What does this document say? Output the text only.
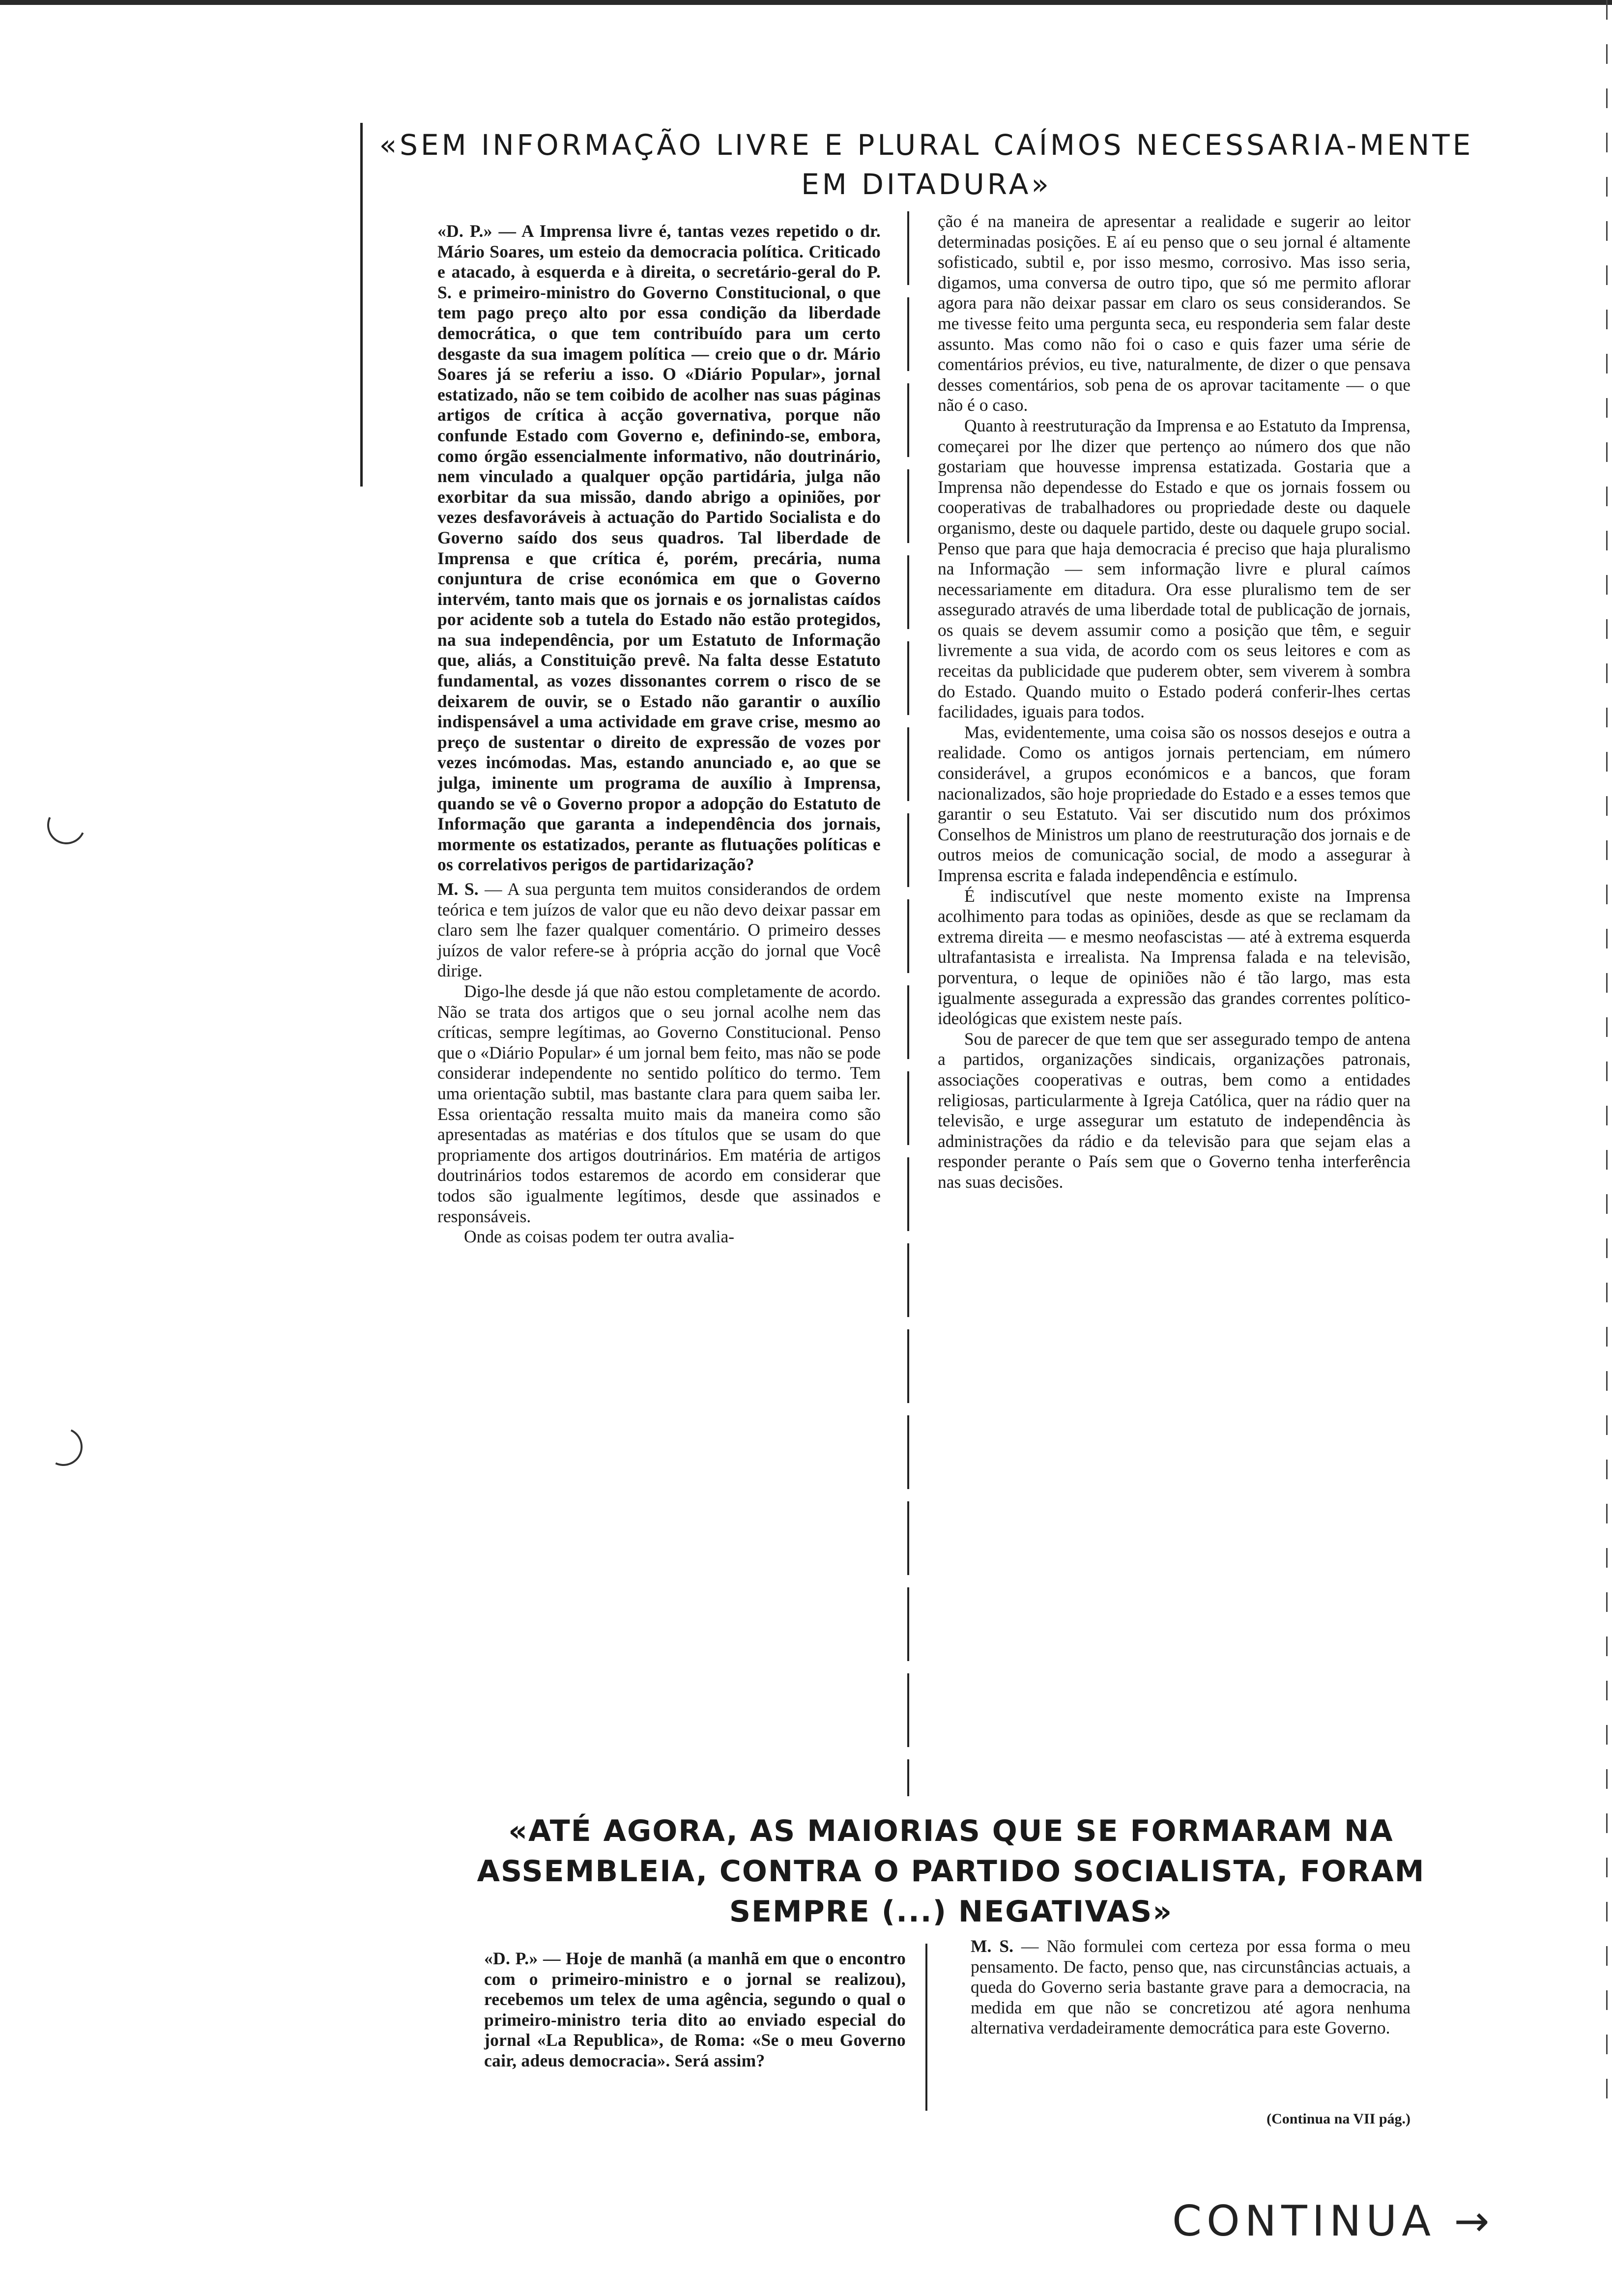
«SEM INFORMAÇÃO LIVRE E PLURAL CAÍMOS NECESSARIA-MENTE EM DITADURA»

«D. P.» — A Imprensa livre é, tantas vezes repetido o dr. Mário Soares, um esteio da democracia política. Criticado e atacado, à esquerda e à direita, o secretário-geral do P. S. e primeiro-ministro do Governo Constitucional, o que tem pago preço alto por essa condição da liberdade democrática, o que tem contribuído para um certo desgaste da sua imagem política — creio que o dr. Mário Soares já se referiu a isso. O «Diário Popular», jornal estatizado, não se tem coibido de acolher nas suas páginas artigos de crítica à acção governativa, porque não confunde Estado com Governo e, definindo-se, embora, como órgão essencialmente informativo, não doutrinário, nem vinculado a qualquer opção partidária, julga não exorbitar da sua missão, dando abrigo a opiniões, por vezes desfavoráveis à actuação do Partido Socialista e do Governo saído dos seus quadros. Tal liberdade de Imprensa e que crítica é, porém, precária, numa conjuntura de crise económica em que o Governo intervém, tanto mais que os jornais e os jornalistas caídos por acidente sob a tutela do Estado não estão protegidos, na sua independência, por um Estatuto de Informação que, aliás, a Constituição prevê. Na falta desse Estatuto fundamental, as vozes dissonantes correm o risco de se deixarem de ouvir, se o Estado não garantir o auxílio indispensável a uma actividade em grave crise, mesmo ao preço de sustentar o direito de expressão de vozes por vezes incómodas. Mas, estando anunciado e, ao que se julga, iminente um programa de auxílio à Imprensa, quando se vê o Governo propor a adopção do Estatuto de Informação que garanta a independência dos jornais, mormente os estatizados, perante as flutuações políticas e os correlativos perigos de partidarização?

M. S. — A sua pergunta tem muitos considerandos de ordem teórica e tem juízos de valor que eu não devo deixar passar em claro sem lhe fazer qualquer comentário. O primeiro desses juízos de valor refere-se à própria acção do jornal que Você dirige.

Digo-lhe desde já que não estou completamente de acordo. Não se trata dos artigos que o seu jornal acolhe nem das críticas, sempre legítimas, ao Governo Constitucional. Penso que o «Diário Popular» é um jornal bem feito, mas não se pode considerar independente no sentido político do termo. Tem uma orientação subtil, mas bastante clara para quem saiba ler. Essa orientação ressalta muito mais da maneira como são apresentadas as matérias e dos títulos que se usam do que propriamente dos artigos doutrinários. Em matéria de artigos doutrinários todos estaremos de acordo em considerar que todos são igualmente legítimos, desde que assinados e responsáveis.

Onde as coisas podem ter outra avalia-

ção é na maneira de apresentar a realidade e sugerir ao leitor determinadas posições. E aí eu penso que o seu jornal é altamente sofisticado, subtil e, por isso mesmo, corrosivo. Mas isso seria, digamos, uma conversa de outro tipo, que só me permito aflorar agora para não deixar passar em claro os seus considerandos. Se me tivesse feito uma pergunta seca, eu responderia sem falar deste assunto. Mas como não foi o caso e quis fazer uma série de comentários prévios, eu tive, naturalmente, de dizer o que pensava desses comentários, sob pena de os aprovar tacitamente — o que não é o caso.

Quanto à reestruturação da Imprensa e ao Estatuto da Imprensa, começarei por lhe dizer que pertenço ao número dos que não gostariam que houvesse imprensa estatizada. Gostaria que a Imprensa não dependesse do Estado e que os jornais fossem ou cooperativas de trabalhadores ou propriedade deste ou daquele organismo, deste ou daquele partido, deste ou daquele grupo social. Penso que para que haja democracia é preciso que haja pluralismo na Informação — sem informação livre e plural caímos necessariamente em ditadura. Ora esse pluralismo tem de ser assegurado através de uma liberdade total de publicação de jornais, os quais se devem assumir como a posição que têm, e seguir livremente a sua vida, de acordo com os seus leitores e com as receitas da publicidade que puderem obter, sem viverem à sombra do Estado. Quando muito o Estado poderá conferir-lhes certas facilidades, iguais para todos.

Mas, evidentemente, uma coisa são os nossos desejos e outra a realidade. Como os antigos jornais pertenciam, em número considerável, a grupos económicos e a bancos, que foram nacionalizados, são hoje propriedade do Estado e a esses temos que garantir o seu Estatuto. Vai ser discutido num dos próximos Conselhos de Ministros um plano de reestruturação dos jornais e de outros meios de comunicação social, de modo a assegurar à Imprensa escrita e falada independência e estímulo.

É indiscutível que neste momento existe na Imprensa acolhimento para todas as opiniões, desde as que se reclamam da extrema direita — e mesmo neofascistas — até à extrema esquerda ultrafantasista e irrealista. Na Imprensa falada e na televisão, porventura, o leque de opiniões não é tão largo, mas esta igualmente assegurada a expressão das grandes correntes político-ideológicas que existem neste país.

Sou de parecer de que tem que ser assegurado tempo de antena a partidos, organizações sindicais, organizações patronais, associações cooperativas e outras, bem como a entidades religiosas, particularmente à Igreja Católica, quer na rádio quer na televisão, e urge assegurar um estatuto de independência às administrações da rádio e da televisão para que sejam elas a responder perante o País sem que o Governo tenha interferência nas suas decisões.

«ATÉ AGORA, AS MAIORIAS QUE SE FORMARAM NA ASSEMBLEIA, CONTRA O PARTIDO SOCIALISTA, FORAM SEMPRE (...) NEGATIVAS»

«D. P.» — Hoje de manhã (a manhã em que o encontro com o primeiro-ministro e o jornal se realizou), recebemos um telex de uma agência, segundo o qual o primeiro-ministro teria dito ao enviado especial do jornal «La Republica», de Roma: «Se o meu Governo cair, adeus democracia». Será assim?

M. S. — Não formulei com certeza por essa forma o meu pensamento. De facto, penso que, nas circunstâncias actuais, a queda do Governo seria bastante grave para a democracia, na medida em que não se concretizou até agora nenhuma alternativa verdadeiramente democrática para este Governo.

(Continua na VII pág.)
CONTINUA →
